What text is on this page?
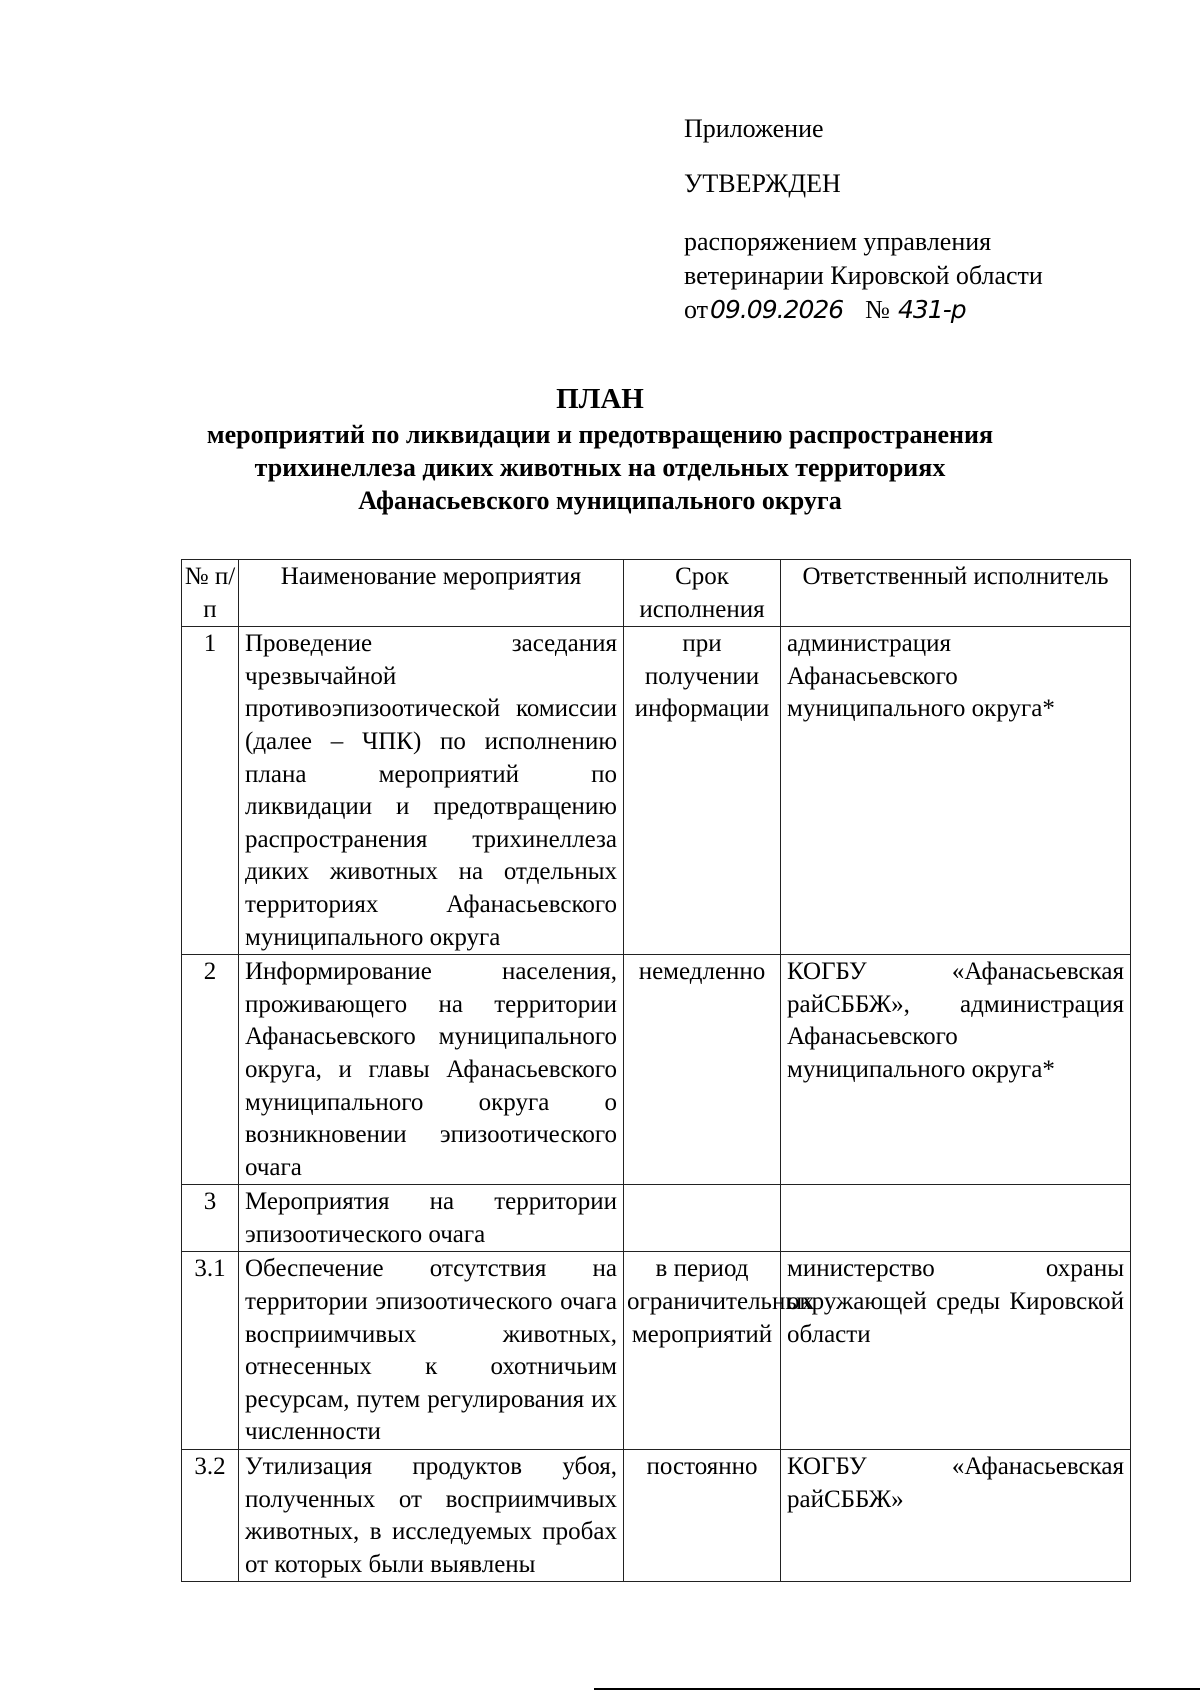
Приложение
УТВЕРЖДЕН
распоряжением управления
ветеринарии Кировской области
от09.09.2026 № 431-р
ПЛАН
мероприятий по ликвидации и предотвращению распространения
трихинеллеза диких животных на отдельных территориях
Афанасьевского муниципального округа
№ п/п	Наименование мероприятия	Срок исполнения	Ответственный исполнитель
1	Проведение заседания чрезвычайной противоэпизоотической комиссии (далее – ЧПК) по исполнению плана мероприятий по ликвидации и предотвращению распространения трихинеллеза диких животных на отдельных территориях Афанасьевского муниципального округа	при получении информации	администрация Афанасьевского муниципального округа*
2	Информирование населения, проживающего на территории Афанасьевского муниципального округа, и главы Афанасьевского муниципального округа о возникновении эпизоотического очага	немедленно	КОГБУ «Афанасьевская райСББЖ», администрация Афанасьевского муниципального округа*
3	Мероприятия на территории эпизоотического очага		
3.1	Обеспечение отсутствия на территории эпизоотического очага восприимчивых животных, отнесенных к охотничьим ресурсам, путем регулирования их численности	в период ограничительных мероприятий	министерство охраны окружающей среды Кировской области
3.2	Утилизация продуктов убоя, полученных от восприимчивых животных, в исследуемых пробах от которых были выявлены	постоянно	КОГБУ «Афанасьевская райСББЖ»
